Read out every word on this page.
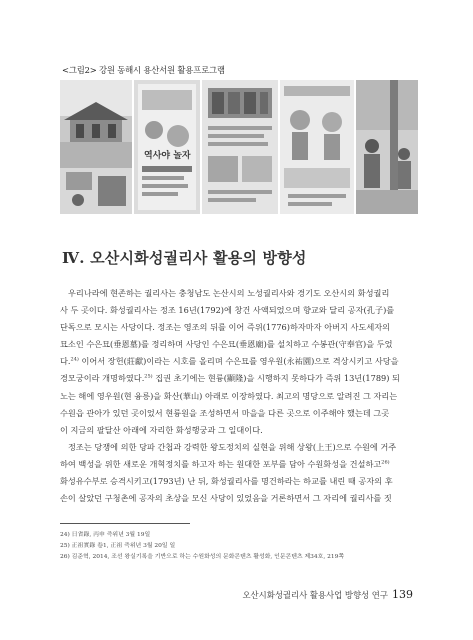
<그림2> 강원 동해시 용산서원 활용프로그램
역사야 놀자
Ⅳ. 오산시화성궐리사 활용의 방향성
우리나라에 현존하는 궐리사는 충청남도 논산시의 노성궐리사와 경기도 오산시의 화성궐리
사 두 곳이다. 화성궐리사는 정조 16년(1792)에 창건 사액되었으며 향교와 달리 공자(孔子)를
단독으로 모시는 사당이다. 정조는 영조의 뒤를 이어 즉위(1776)하자마자 아버지 사도세자의
묘소인 수은묘(垂恩墓)를 정리하며 사당인 수은묘(垂恩廟)를 설치하고 수봉관(守奉官)을 두었
다.$^{24)}$ 이어서 장헌(莊獻)이라는 시호를 올리며 수은묘를 영우원(永祐園)으로 격상시키고 사당을
경모궁이라 개명하였다.$^{25)}$ 집권 초기에는 현륭(顯隆)을 시행하지 못하다가 즉위 13년(1789) 되
노는 해에 영우원(현 융릉)을 화산(華山) 아래로 이장하였다. 최고의 명당으로 알려진 그 자리는
수원읍 관아가 있던 곳이었서 현륭원을 조성하면서 마을을 다른 곳으로 이주해야 했는데 그곳
이 지금의 팔달산 아래에 자리한 화성행궁과 그 일대이다.
정조는 당쟁에 의한 당파 간첩과 강력한 왕도정치의 실현을 위해 상왕(上王)으로 수원에 거주
하여 백성을 위한 새로운 개혁정치를 하고자 하는 원대한 포부를 담아 수원화성을 건설하고$^{26)}$
화성유수부로 승격시키고(1793년) 난 뒤, 화성궐리사를 명건하라는 하교를 내린 때 공자의 후
손이 살았던 구청촌에 공자의 초상을 모신 사당이 있었음을 거론하면서 그 자리에 궐리사를 짓
24) 日省錄, 丙申 즉위년 3월 19일
25) 正祖實錄 卷1, 正祖 즉위년 3월 20일 일
26) 김준혁, 2014, 조선 왕실기록을 기반으로 하는 수원화성의 문화콘텐츠 활성화, 인문콘텐츠 제34호, 219쪽
오산시화성궐리사 활용사업 방향성 연구 139
